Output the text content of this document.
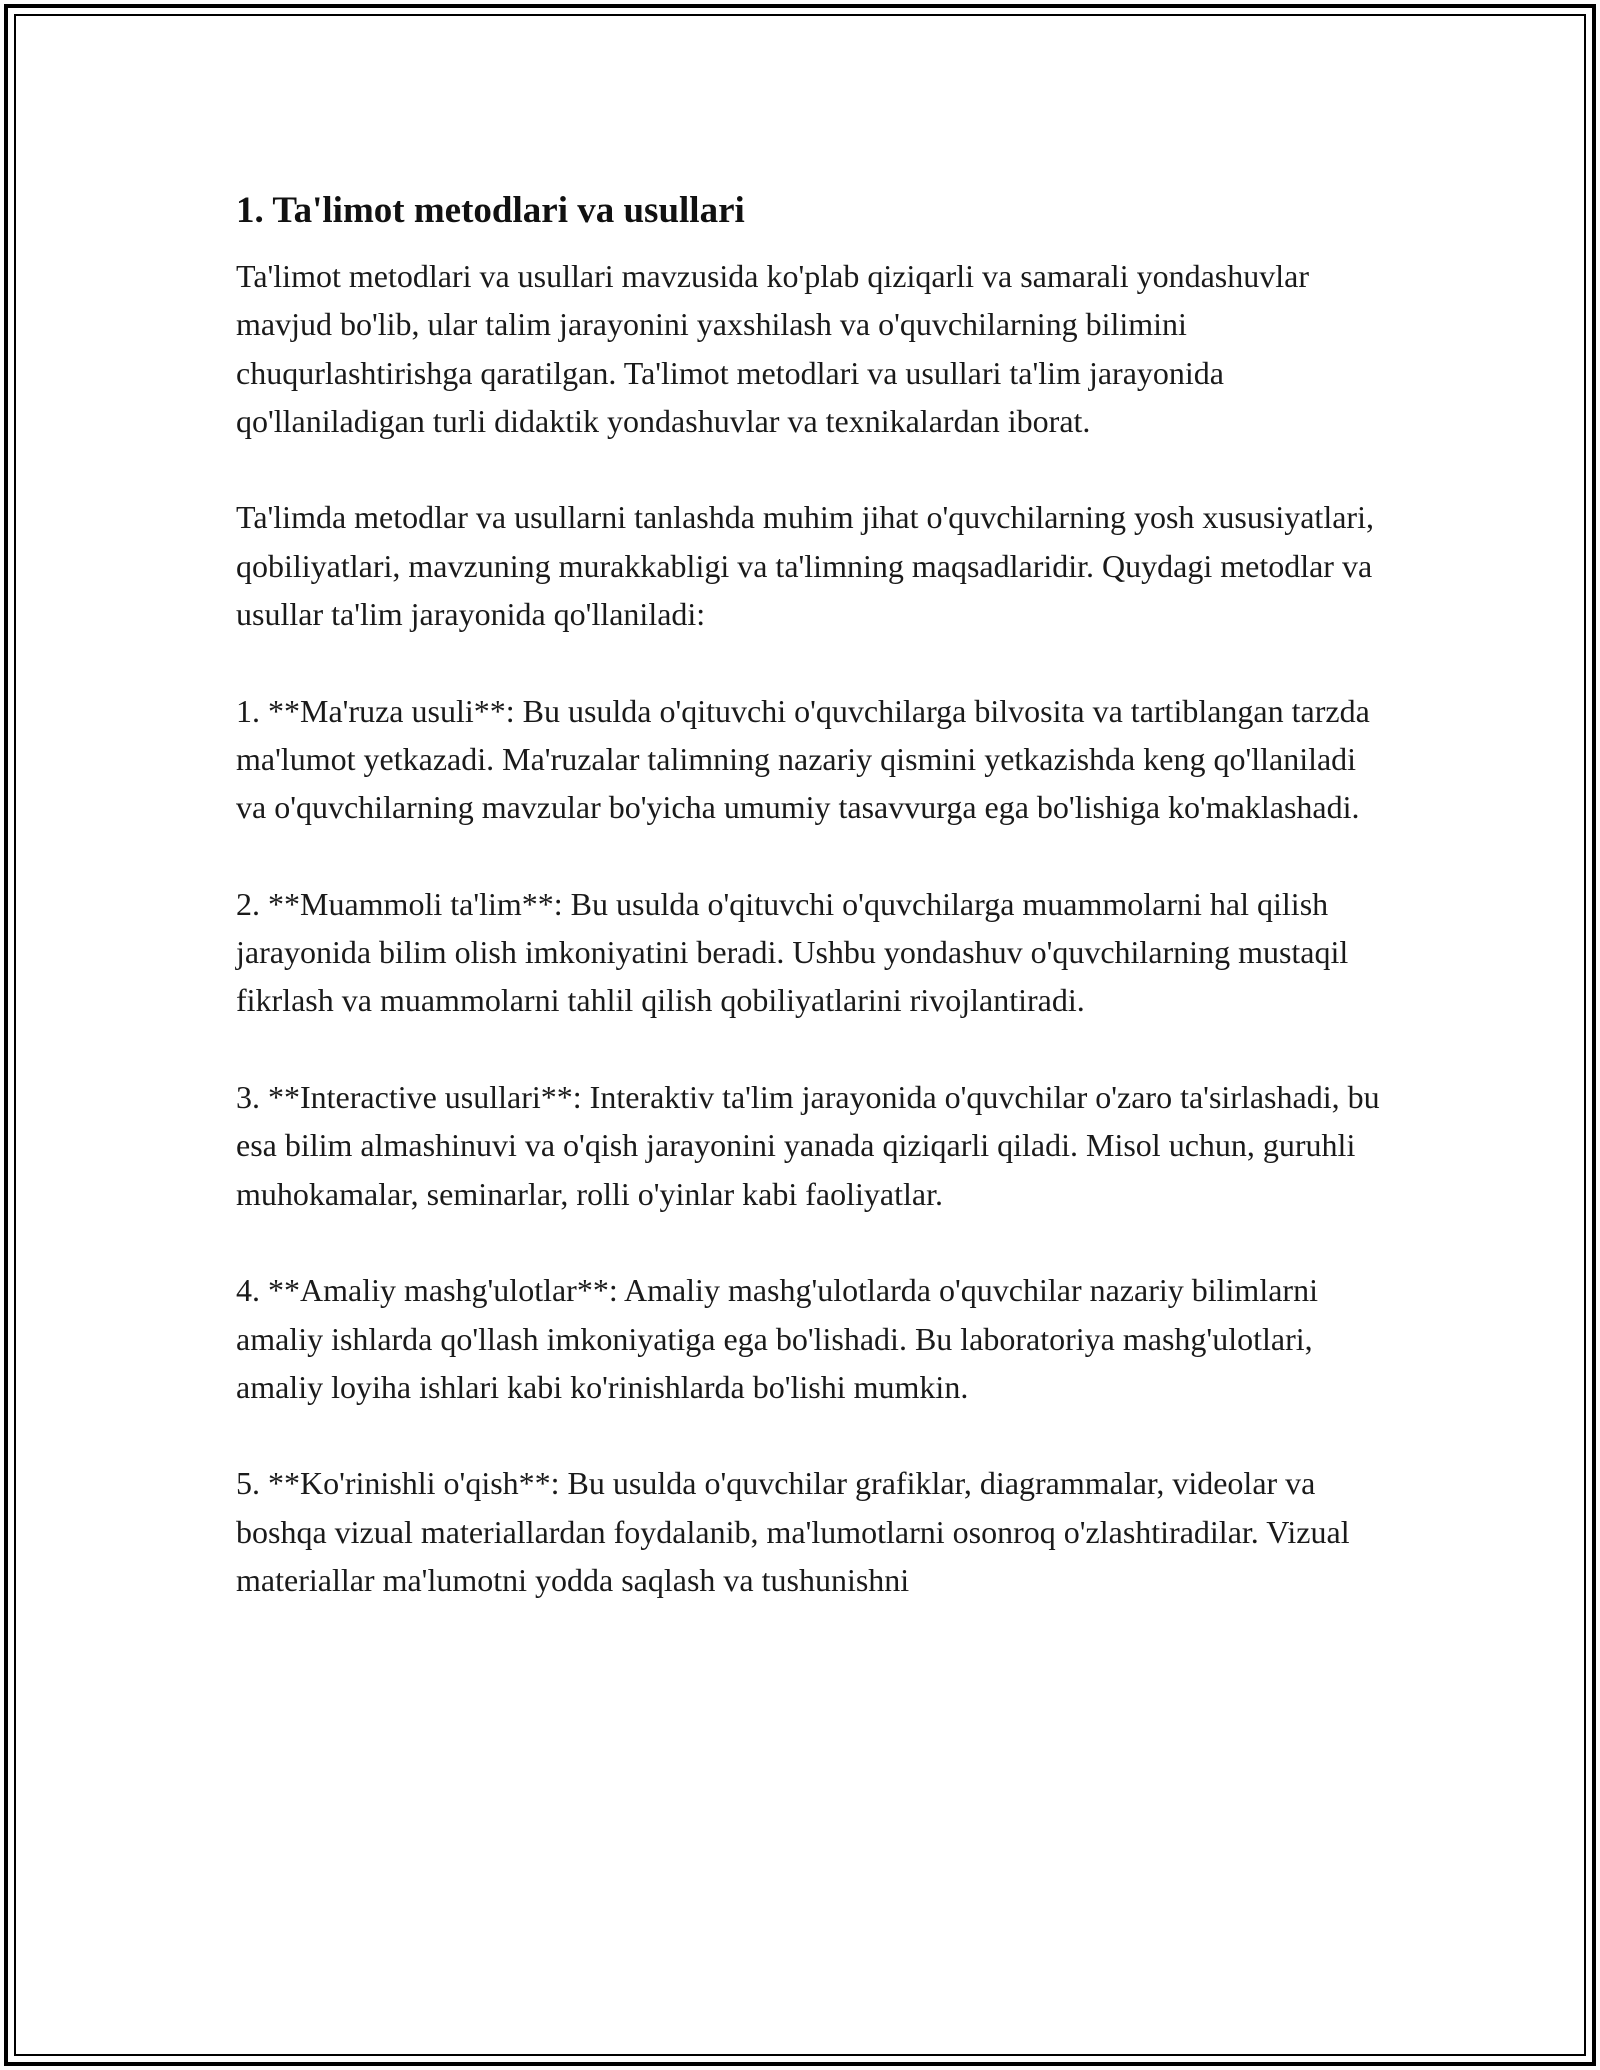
1. Ta'limot metodlari va usullari

Ta'limot metodlari va usullari mavzusida ko'plab qiziqarli va samarali yondashuvlar mavjud bo'lib, ular talim jarayonini yaxshilash va o'quvchilarning bilimini chuqurlashtirishga qaratilgan. Ta'limot metodlari va usullari ta'lim jarayonida qo'llaniladigan turli didaktik yondashuvlar va texnikalardan iborat.

Ta'limda metodlar va usullarni tanlashda muhim jihat o'quvchilarning yosh xususiyatlari, qobiliyatlari, mavzuning murakkabligi va ta'limning maqsadlaridir. Quydagi metodlar va usullar ta'lim jarayonida qo'llaniladi:

1. **Ma'ruza usuli**: Bu usulda o'qituvchi o'quvchilarga bilvosita va tartiblangan tarzda ma'lumot yetkazadi. Ma'ruzalar talimning nazariy qismini yetkazishda keng qo'llaniladi va o'quvchilarning mavzular bo'yicha umumiy tasavvurga ega bo'lishiga ko'maklashadi.

2. **Muammoli ta'lim**: Bu usulda o'qituvchi o'quvchilarga muammolarni hal qilish jarayonida bilim olish imkoniyatini beradi. Ushbu yondashuv o'quvchilarning mustaqil fikrlash va muammolarni tahlil qilish qobiliyatlarini rivojlantiradi.

3. **Interactive usullari**: Interaktiv ta'lim jarayonida o'quvchilar o'zaro ta'sirlashadi, bu esa bilim almashinuvi va o'qish jarayonini yanada qiziqarli qiladi. Misol uchun, guruhli muhokamalar, seminarlar, rolli o'yinlar kabi faoliyatlar.

4. **Amaliy mashg'ulotlar**: Amaliy mashg'ulotlarda o'quvchilar nazariy bilimlarni amaliy ishlarda qo'llash imkoniyatiga ega bo'lishadi. Bu laboratoriya mashg'ulotlari, amaliy loyiha ishlari kabi ko'rinishlarda bo'lishi mumkin.

5. **Ko'rinishli o'qish**: Bu usulda o'quvchilar grafiklar, diagrammalar, videolar va boshqa vizual materiallardan foydalanib, ma'lumotlarni osonroq o'zlashtiradilar. Vizual materiallar ma'lumotni yodda saqlash va tushunishni
